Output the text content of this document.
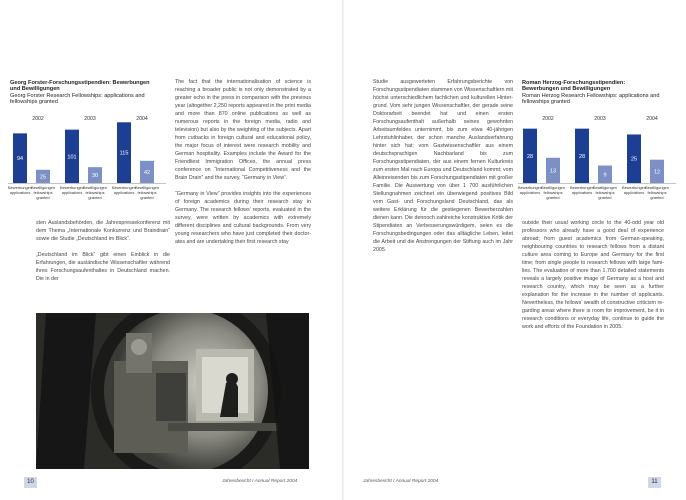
Georg Forster-Forschungsstipendien: Bewerbungen und Bewilligungen
Georg Forster Research Fellowships: applications and fellowships granted
2002
94
Bewerbungen
applications
25
Bewilligungen
fellowships
granted
2003
101
Bewerbungen
applications
30
Bewilligungen
fellowships
granted
2004
115
Bewerbungen
applications
42
Bewilligungen
fellowships
granted

sten Auslandsbehörden, die Jahrespressekonferenz mit dem Thema „Internationale Konkurrenz und Braindrain“ sowie die Studie „Deutschland im Blick“.

„Deutschland im Blick“ gibt einen Einblick in die Erfahrungen, die ausländische Wissenschaftler während ihres Forschungsaufenthaltes in Deutschland machen. Die in der

The fact that the internationalisation of science is reaching a broader public is not only demonstrated by a greater echo in the press in comparison with the previous year (altogether 2,250 reports appeared in the print media and more than 870 online publications as well as numerous reports in the foreign media, radio and television) but also by the weighting of the subjects. Apart from cutbacks in foreign cultural and educational policy, the major focus of interest were research mobility and German hospitality. Examples include the Award for the Friendliest Immigration Offices, the annual press conference on “International Competitiveness and the Brain Drain” and the survey, “Germany in View”.

“Germany in View” provides insights into the experiences of foreign academics during their research stay in Germany. The research fellows’ reports, evaluated in the survey, were written by academics with extremely different disciplines and cultural backgrounds. From very young researchers who have just completed their doctorates and are undertaking their first research stay

10	Jahresbericht I Annual Report 2004

Studie ausgewerteten Erfahrungsberichte von Forschungsstipendiaten stammen von Wissenschaftlern mit höchst unterschiedlichem fachlichen und kulturellen Hintergrund. Vom sehr jungen Wissenschaftler, der gerade seine Doktorarbeit beendet hat und einen ersten Forschungsaufenthalt außerhalb seines gewohnten Arbeitsumfeldes unternimmt, bis zum etwa 40-jährigen Lehrstuhlinhaber, der schon manche Auslandserfahrung hinter sich hat; vom Gastwissenschaftler aus einem deutschsprachigen Nachbarland bis zum Forschungsstipendiaten, der aus einem fernen Kulturkreis zum ersten Mal nach Europa und Deutschland kommt; vom Alleinreisenden bis zum Forschungsstipendiaten mit großer Familie. Die Auswertung von über 1 700 ausführlichen Stellungnahmen zeichnet ein überwiegend positives Bild vom Gast- und Forschungsland Deutschland, das als weitere Erklärung für die gestiegenen Bewerberzahlen dienen kann. Die dennoch zahlreiche konstruktive Kritik der Stipendiaten an Verbesserungswürdigem, seien es die Forschungsbedingungen oder das alltägliche Leben, leitet die Arbeit und die Anstrengungen der Stiftung auch im Jahr 2005.

Roman Herzog-Forschungsstipendien: Bewerbungen und Bewilligungen
Roman Herzog Research Fellowships: applications and fellowships granted
2002
28
Bewerbungen
applications
13
Bewilligungen
fellowships
granted
2003
28
Bewerbungen
applications
9
Bewilligungen
fellowships
granted
2004
25
Bewerbungen
applications
12
Bewilligungen
fellowships
granted

outside their usual working circle to the 40-odd year old professors who already have a good deal of experience abroad; from guest academics from German-speaking, neighbouring countries to research fellows from a distant culture area coming to Europe and Germany for the first time; from single people to research fellows with large families. The evaluation of more than 1,700 detailed statements reveals a largely positive image of Germany as a host and research country, which may be seen as a further explanation for the increase in the number of applicants. Nevertheless, the fellows’ wealth of constructive criticism regarding areas where there is room for improvement, be it in research conditions or everyday life, continue to guide the work and efforts of the Foundation in 2005.

Jahresbericht I Annual Report 2004	11
